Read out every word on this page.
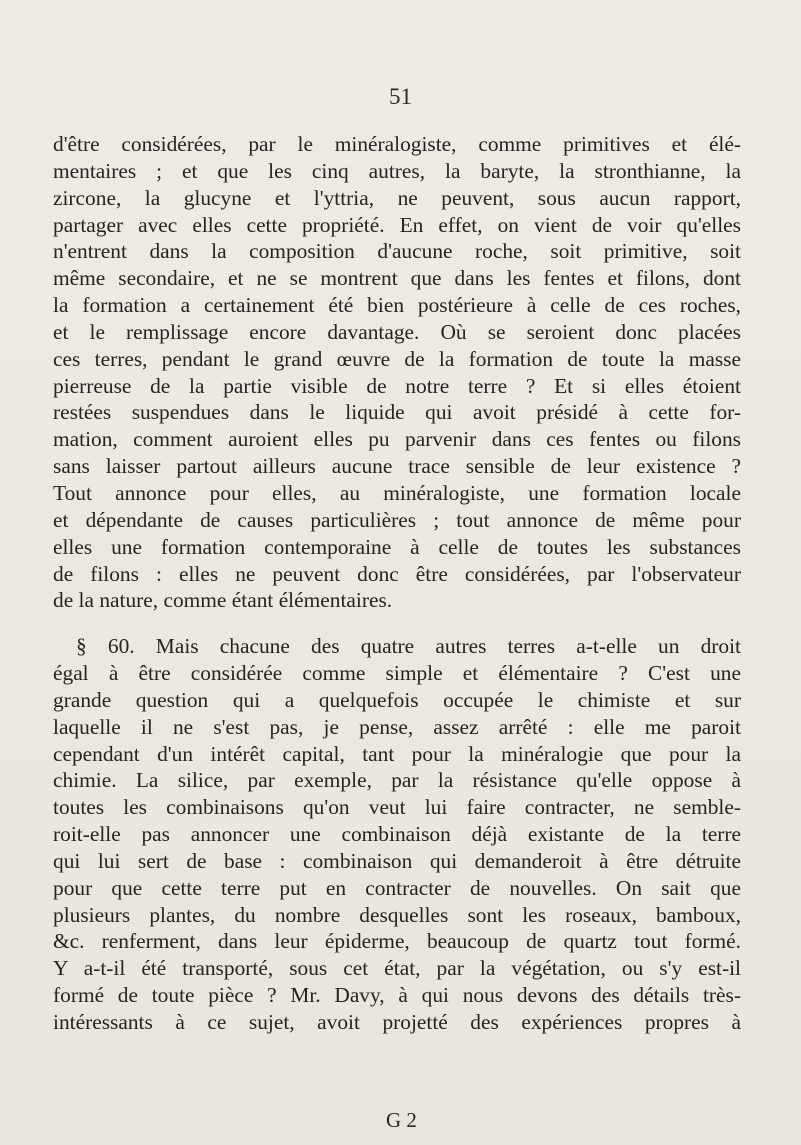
51
d'être considérées, par le minéralogiste, comme primitives et élé-
mentaires ; et que les cinq autres, la baryte, la stronthianne, la
zircone, la glucyne et l'yttria, ne peuvent, sous aucun rapport,
partager avec elles cette propriété. En effet, on vient de voir qu'elles
n'entrent dans la composition d'aucune roche, soit primitive, soit
même secondaire, et ne se montrent que dans les fentes et filons, dont
la formation a certainement été bien postérieure à celle de ces roches,
et le remplissage encore davantage. Où se seroient donc placées
ces terres, pendant le grand œuvre de la formation de toute la masse
pierreuse de la partie visible de notre terre ? Et si elles étoient
restées suspendues dans le liquide qui avoit présidé à cette for-
mation, comment auroient elles pu parvenir dans ces fentes ou filons
sans laisser partout ailleurs aucune trace sensible de leur existence ?
Tout annonce pour elles, au minéralogiste, une formation locale
et dépendante de causes particulières ; tout annonce de même pour
elles une formation contemporaine à celle de toutes les substances
de filons : elles ne peuvent donc être considérées, par l'observateur
de la nature, comme étant élémentaires.
§ 60. Mais chacune des quatre autres terres a-t-elle un droit
égal à être considérée comme simple et élémentaire ? C'est une
grande question qui a quelquefois occupée le chimiste et sur
laquelle il ne s'est pas, je pense, assez arrêté : elle me paroit
cependant d'un intérêt capital, tant pour la minéralogie que pour la
chimie. La silice, par exemple, par la résistance qu'elle oppose à
toutes les combinaisons qu'on veut lui faire contracter, ne semble-
roit-elle pas annoncer une combinaison déjà existante de la terre
qui lui sert de base : combinaison qui demanderoit à être détruite
pour que cette terre put en contracter de nouvelles. On sait que
plusieurs plantes, du nombre desquelles sont les roseaux, bamboux,
&c. renferment, dans leur épiderme, beaucoup de quartz tout formé.
Y a-t-il été transporté, sous cet état, par la végétation, ou s'y est-il
formé de toute pièce ? Mr. Davy, à qui nous devons des détails très-
intéressants à ce sujet, avoit projetté des expériences propres à
G 2
